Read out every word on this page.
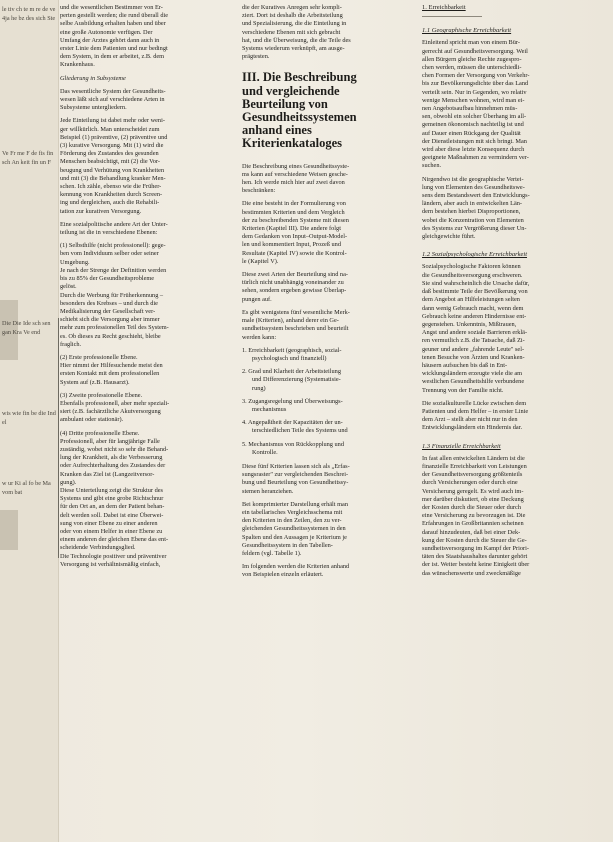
le tiv ch te m re de ve 4ja he bz des sich Ste
Ve Fr me F de fis fin sch An keit fin un F
Die Die Ide sch sen gan Kra Ve end
wis wie fin be die Ind el
w ur Ki al fo be Ma vom bat
und die wesentlichen Bestimmer von Er-
perten gestellt werden; die rund überall die
selbe Ausbildung erhalten haben und über
eine große Autonomie verfügen. Der
Umfang der Arztes gehört dann auch in
erster Linie dem Patienten und nur bedingt
dem System, in dem er arbeitet, z.B. dem
Krankenhaus.
Gliederung in Subsysteme
Das wesentliche System der Gesundheits-
wesen läßt sich auf verschiedene Arten in
Subsysteme untergliedern.
Jede Einteilung ist dabei mehr oder weni-
ger willkürlich. Man unterscheidet zum
Beispiel (1) präventive, (2) präventive und
(3) kurative Versorgung. Mit (1) wird die
Förderung des Zustandes des gesunden
Menschen beabsichtigt, mit (2) die Vor-
beugung und Verhütung von Krankheiten
und mit (3) die Behandlung kranker Men-
schen. Ich zähle, ebenso wie die Früher-
kennung von Krankheiten durch Screen-
ing und dergleichen, auch die Rehabili-
tation zur kurativen Versorgung.
Eine sozialpolitische andere Art der Unter-
teilung ist die in verschiedene Ebenen:
(1) Selbsthilfe (nicht professionell): gege-
ben vom Individuum selber oder seiner
Umgebung.
Je nach der Strenge der Definition werden
bis zu 85% der Gesundheitsprobleme
gelöst.
Durch die Werbung für Früherkennung –
besonders des Krebses – und durch die
Medikalisierung der Gesellschaft ver-
schiebt sich die Versorgung aber immer
mehr zum professionellen Teil des System-
es. Ob dieses zu Recht geschieht, bleibe
fraglich.
(2) Erste professionelle Ebene.
Hier nimmt der Hilfesuchende meist den
ersten Kontakt mit dem professionellen
System auf (z.B. Hausarzt).
(3) Zweite professionelle Ebene.
Ebenfalls professionell, aber mehr speziali-
siert (z.B. fachärztliche Akutversorgung
ambulant oder stationär).
(4) Dritte professionelle Ebene.
Professionell, aber für langjährige Falle
zuständig, wobei nicht so sehr die Behand-
lung der Krankheit, als die Verbesserung
oder Aufrechterhaltung des Zustandes der
Kranken das Ziel ist (Langzeitversor-
gung).
Diese Unterteilung zeigt die Struktur des
Systems und gibt eine grobe Richtschnur
für den Ort an, an dem der Patient behan-
delt werden soll. Dabei ist eine Überwei-
sung von einer Ebene zu einer anderen
oder von einem Helfer in einer Ebene zu
einem anderen der gleichen Ebene das ent-
scheidende Verbindungsglied.
Die Technologie positiver und präventiver
Versorgung ist verhältnismäßig einfach,
die der Kuratives Anregen sehr kompli-
ziert. Dort ist deshalb die Arbeitsteilung
und Spezialisierung, die die Einteilung in
verschiedene Ebenen mit sich gebracht
hat, und die Überweisung, die die Teile des
Systems wiederum verknüpft, am ausge-
prägtesten.
III. Die Beschreibung
und vergleichende
Beurteilung von
Gesundheitssystemen
anhand eines
Kriterienkataloges
Die Beschreibung eines Gesundheitssyste-
ms kann auf verschiedene Weisen gesche-
hen. Ich werde mich hier auf zwei davon
beschränken:
Die eine besteht in der Formulierung von
bestimmten Kriterien und dem Vergleich
der zu beschreibenden Systeme mit diesen
Kriterien (Kapitel III). Die andere folgt
dem Gedanken von Input–Output-Model-
len und kommentiert Input, Prozeß und
Resultate (Kapitel IV) sowie die Kontrol-
le (Kapitel V).
Diese zwei Arten der Beurteilung sind na-
türlich nicht unabhängig voneinander zu
sehen, sondern ergeben gewisse Überlap-
pungen auf.
Es gibt wenigstens fünf wesentliche Merk-
male (Kriterien), anhand derer ein Ge-
sundheitssystem beschrieben und beurteilt
werden kann:
1. Erreichbarkeit (geographisch, sozial-
psychologisch und finanziell)
2. Grad und Klarheit der Arbeitsteilung
und Differenzierung (Systematisie-
rung)
3. Zugangsregelung und Überweisungs-
mechanismus
4. Angepaßtheit der Kapazitäten der un-
terschiedlichen Teile des Systems und
5. Mechanismus von Rückkopplung und
Kontrolle.
Diese fünf Kriterien lassen sich als „Erfas-
sungsraster" zur vergleichenden Beschrei-
bung und Beurteilung von Gesundheitssy-
stemen heranziehen.
Bei komprimierter Darstellung erhält man
ein tabellarisches Vergleichsschema mit
den Kriterien in den Zeilen, den zu ver-
gleichenden Gesundheitssystemen in den
Spalten und den Aussagen je Kriterium je
Gesundheitssystem in den Tabellen-
feldern (vgl. Tabelle 1).
Im folgenden werden die Kriterien anhand
von Beispielen einzeln erläutert.
1. Erreichbarkeit
1.1 Geographische Erreichbarkeit
Einleitend spricht man von einem Bür-
gerrecht auf Gesundheitsversorgung. Weil
allen Bürgern gleiche Rechte zugespro-
chen werden, müssen die unterschiedli-
chen Formen der Versorgung von Verkehr-
bis zur Bevölkerungsdichte über das Land
verteilt sein. Nur in Gegenden, wo relativ
wenige Menschen wohnen, wird man ei-
nen Angebotsaufbau hinnehmen müs-
sen, obwohl ein solcher Überhang im all-
gemeinen ökonomisch nachteilig ist und
auf Dauer einen Rückgang der Qualität
der Dienstleistungen mit sich bringt. Man
wird aber diese letzte Konsequenz durch
geeignete Maßnahmen zu vermindern ver-
suchen.
Nirgendwo ist die geographische Vertei-
lung von Elementen des Gesundheitswe-
sens dem Bestandswert den Entwicklungs-
ländern, aber auch in entwickelten Län-
dern bestehen hierbei Disproportionen,
wobei die Konzentration von Elementen
des Systems zur Vergrößerung dieser Un-
gleichgewichte führt.
1.2 Sozialpsychologische Erreichbarkeit
Sozialpsychologische Faktoren können
die Gesundheitsversorgung erschweren.
Sie sind wahrscheinlich die Ursache dafür,
daß bestimmte Teile der Bevölkerung von
dem Angebot an Hilfeleistungen selten
dann wenig Gebrauch macht, wenn dem
Gebrauch keine anderen Hindernisse ent-
gegenstehen. Unkenntnis, Mißtrauen,
Angst und andere soziale Barrieren erklä-
ren vermutlich z.B. die Tatsache, daß Zi-
geuner und andere „fahrende Leute" sel-
tenen Besuche von Ärzten und Kranken-
häusern aufsuchen bis daß in Ent-
wicklungsländern erzeugte viele die am
westlichen Gesundheitshilfe verbundene
Trennung von der Familie nicht.
Die sozialkulturelle Lücke zwischen dem
Patienten und dem Helfer – in erster Linie
dem Arzt – stellt aber nicht nur in den
Entwicklungsländern ein Hindernis dar.
1.3 Finanzielle Erreichbarkeit
In fast allen entwickelten Ländern ist die
finanzielle Erreichbarkeit von Leistungen
der Gesundheitsversorgung größtenteils
durch Versicherungen oder durch eine
Versicherung geregelt. Es wird auch im-
mer darüber diskutiert, ob eine Deckung
der Kosten durch die Steuer oder durch
eine Versicherung zu bevorzugen ist. Die
Erfahrungen in Großbritannien scheinen
darauf hinzudeuten, daß bei einer Dek-
kung der Kosten durch die Steuer die Ge-
sundheitsversorgung im Kampf der Priori-
täten des Staatshaushaltes darunter gehört
der ist. Weiter besteht keine Einigkeit über
das wünschenswerte und zweckmäßige
